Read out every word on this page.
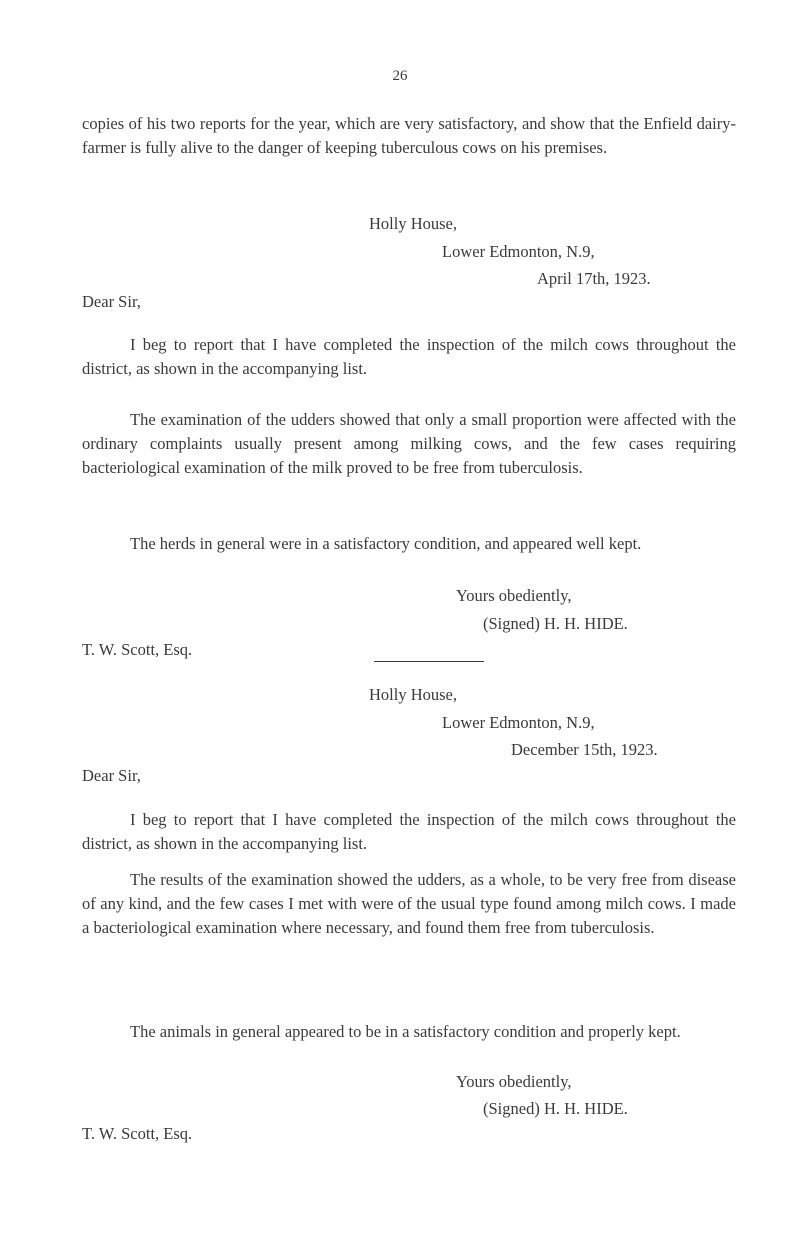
26

copies of his two reports for the year, which are very satisfactory, and show that the Enfield dairy-farmer is fully alive to the danger of keeping tuberculous cows on his premises.

Holly House,
Lower Edmonton, N.9,
April 17th, 1923.
Dear Sir,

I beg to report that I have completed the inspection of the milch cows throughout the district, as shown in the accompanying list.

The examination of the udders showed that only a small proportion were affected with the ordinary complaints usually present among milking cows, and the few cases requiring bacteriological examination of the milk proved to be free from tuberculosis.

The herds in general were in a satisfactory condition, and appeared well kept.

Yours obediently,
(Signed) H. H. HIDE.
T. W. Scott, Esq.
Holly House,
Lower Edmonton, N.9,
December 15th, 1923.
Dear Sir,

I beg to report that I have completed the inspection of the milch cows throughout the district, as shown in the accompanying list.

The results of the examination showed the udders, as a whole, to be very free from disease of any kind, and the few cases I met with were of the usual type found among milch cows. I made a bacteriological examination where necessary, and found them free from tuberculosis.

The animals in general appeared to be in a satisfactory condition and properly kept.

Yours obediently,
(Signed) H. H. HIDE.
T. W. Scott, Esq.
